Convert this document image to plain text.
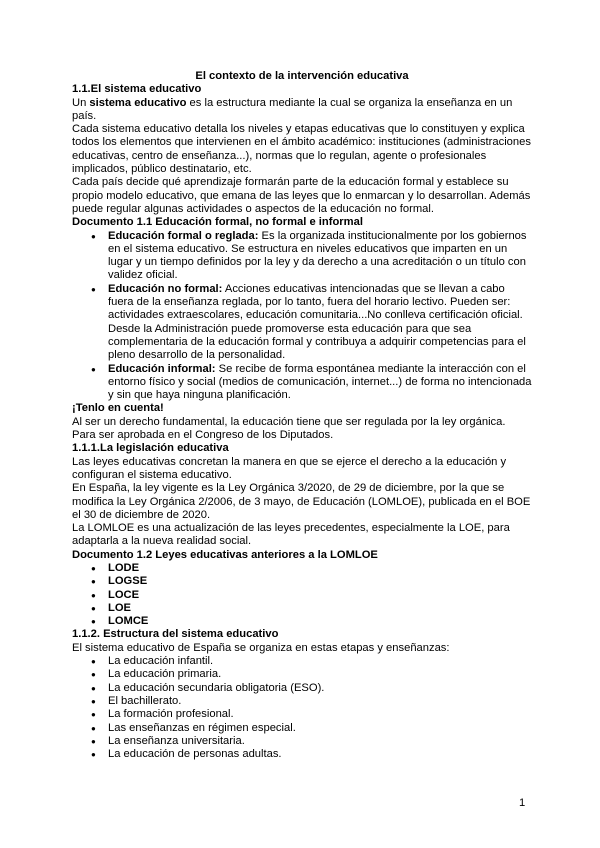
El contexto de la intervención educativa

1.1.El sistema educativo

Un sistema educativo es la estructura mediante la cual se organiza la enseñanza en un país.

Cada sistema educativo detalla los niveles y etapas educativas que lo constituyen y explica todos los elementos que intervienen en el ámbito académico: instituciones (administraciones educativas, centro de enseñanza...), normas que lo regulan, agente o profesionales implicados, público destinatario, etc.

Cada país decide qué aprendizaje formarán parte de la educación formal y establece su propio modelo educativo, que emana de las leyes que lo enmarcan y lo desarrollan. Además puede regular algunas actividades o aspectos de la educación no formal.

Documento 1.1 Educación formal, no formal e informal

● Educación formal o reglada: Es la organizada institucionalmente por los gobiernos en el sistema educativo. Se estructura en niveles educativos que imparten en un lugar y un tiempo definidos por la ley y da derecho a una acreditación o un título con validez oficial.
● Educación no formal: Acciones educativas intencionadas que se llevan a cabo fuera de la enseñanza reglada, por lo tanto, fuera del horario lectivo. Pueden ser: actividades extraescolares, educación comunitaria...No conlleva certificación oficial. Desde la Administración puede promoverse esta educación para que sea complementaria de la educación formal y contribuya a adquirir competencias para el pleno desarrollo de la personalidad.
● Educación informal: Se recibe de forma espontánea mediante la interacción con el entorno físico y social (medios de comunicación, internet...) de forma no intencionada y sin que haya ninguna planificación.

¡Tenlo en cuenta!

Al ser un derecho fundamental, la educación tiene que ser regulada por la ley orgánica. Para ser aprobada en el Congreso de los Diputados.

1.1.1.La legislación educativa

Las leyes educativas concretan la manera en que se ejerce el derecho a la educación y configuran el sistema educativo.

En España, la ley vigente es la Ley Orgánica 3/2020, de 29 de diciembre, por la que se modifica la Ley Orgánica 2/2006, de 3 mayo, de Educación (LOMLOE), publicada en el BOE el 30 de diciembre de 2020.

La LOMLOE es una actualización de las leyes precedentes, especialmente la LOE, para adaptarla a la nueva realidad social.

Documento 1.2 Leyes educativas anteriores a la LOMLOE

● LODE
● LOGSE
● LOCE
● LOE
● LOMCE

1.1.2. Estructura del sistema educativo

El sistema educativo de España se organiza en estas etapas y enseñanzas:

● La educación infantil.
● La educación primaria.
● La educación secundaria obligatoria (ESO).
● El bachillerato.
● La formación profesional.
● Las enseñanzas en régimen especial.
● La enseñanza universitaria.
● La educación de personas adultas.
1
